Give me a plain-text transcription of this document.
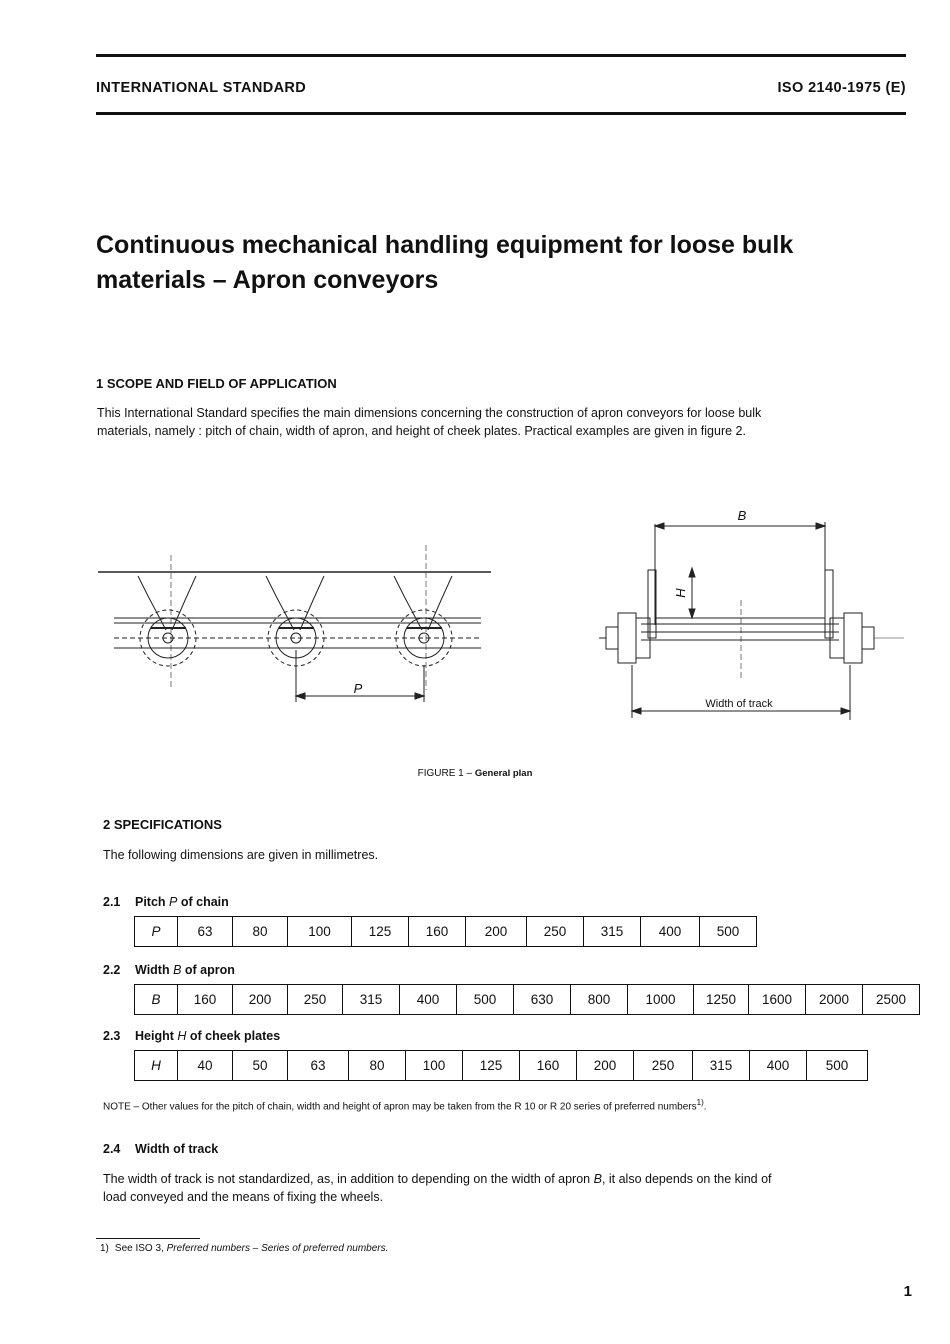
INTERNATIONAL STANDARD	ISO 2140-1975 (E)
Continuous mechanical handling equipment for loose bulk
materials – Apron conveyors
1 SCOPE AND FIELD OF APPLICATION
This International Standard specifies the main dimensions concerning the construction of apron conveyors for loose bulk
materials, namely : pitch of chain, width of apron, and height of cheek plates. Practical examples are given in figure 2.
P
B
H
Width of track
FIGURE 1 – General plan
2 SPECIFICATIONS
The following dimensions are given in millimetres.
2.1 Pitch P of chain
P	63	80	100	125	160	200	250	315	400	500
2.2 Width B of apron
B	160	200	250	315	400	500	630	800	1000	1250	1600	2000	2500
2.3 Height H of cheek plates
H	40	50	63	80	100	125	160	200	250	315	400	500
NOTE – Other values for the pitch of chain, width and height of apron may be taken from the R 10 or R 20 series of preferred numbers$^{1)}$.
2.4 Width of track
The width of track is not standardized, as, in addition to depending on the width of apron B, it also depends on the kind of
load conveyed and the means of fixing the wheels.
1) See ISO 3, Preferred numbers – Series of preferred numbers.
1
